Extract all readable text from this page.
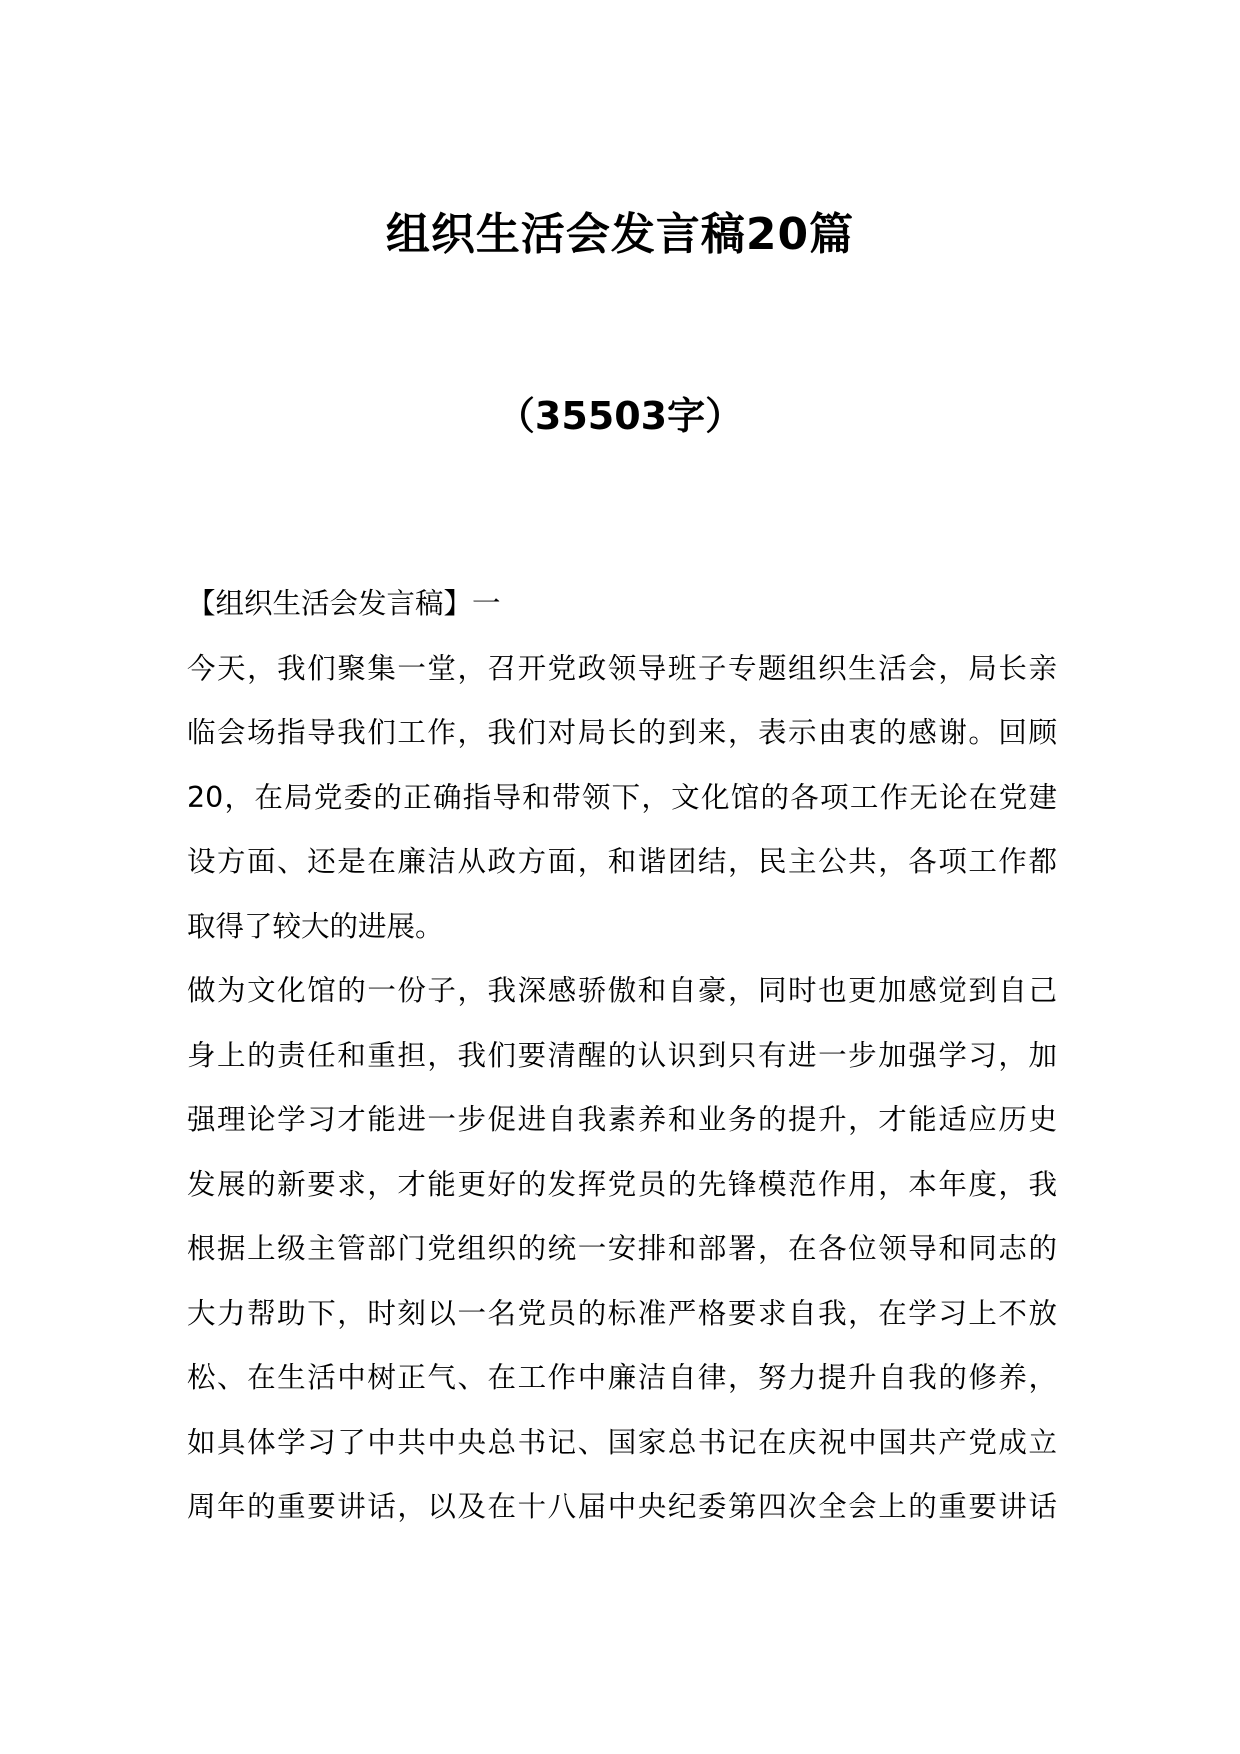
组织生活会发言稿20篇
（35503字）
【组织生活会发言稿】一
今天，我们聚集一堂，召开党政领导班子专题组织生活会，局长亲
临会场指导我们工作，我们对局长的到来，表示由衷的感谢。回顾
20，在局党委的正确指导和带领下，文化馆的各项工作无论在党建
设方面、还是在廉洁从政方面，和谐团结，民主公共，各项工作都
取得了较大的进展。
做为文化馆的一份子，我深感骄傲和自豪，同时也更加感觉到自己
身上的责任和重担，我们要清醒的认识到只有进一步加强学习，加
强理论学习才能进一步促进自我素养和业务的提升，才能适应历史
发展的新要求，才能更好的发挥党员的先锋模范作用，本年度，我
根据上级主管部门党组织的统一安排和部署，在各位领导和同志的
大力帮助下，时刻以一名党员的标准严格要求自我，在学习上不放
松、在生活中树正气、在工作中廉洁自律，努力提升自我的修养，
如具体学习了中共中央总书记、国家总书记在庆祝中国共产党成立
周年的重要讲话，以及在十八届中央纪委第四次全会上的重要讲话
